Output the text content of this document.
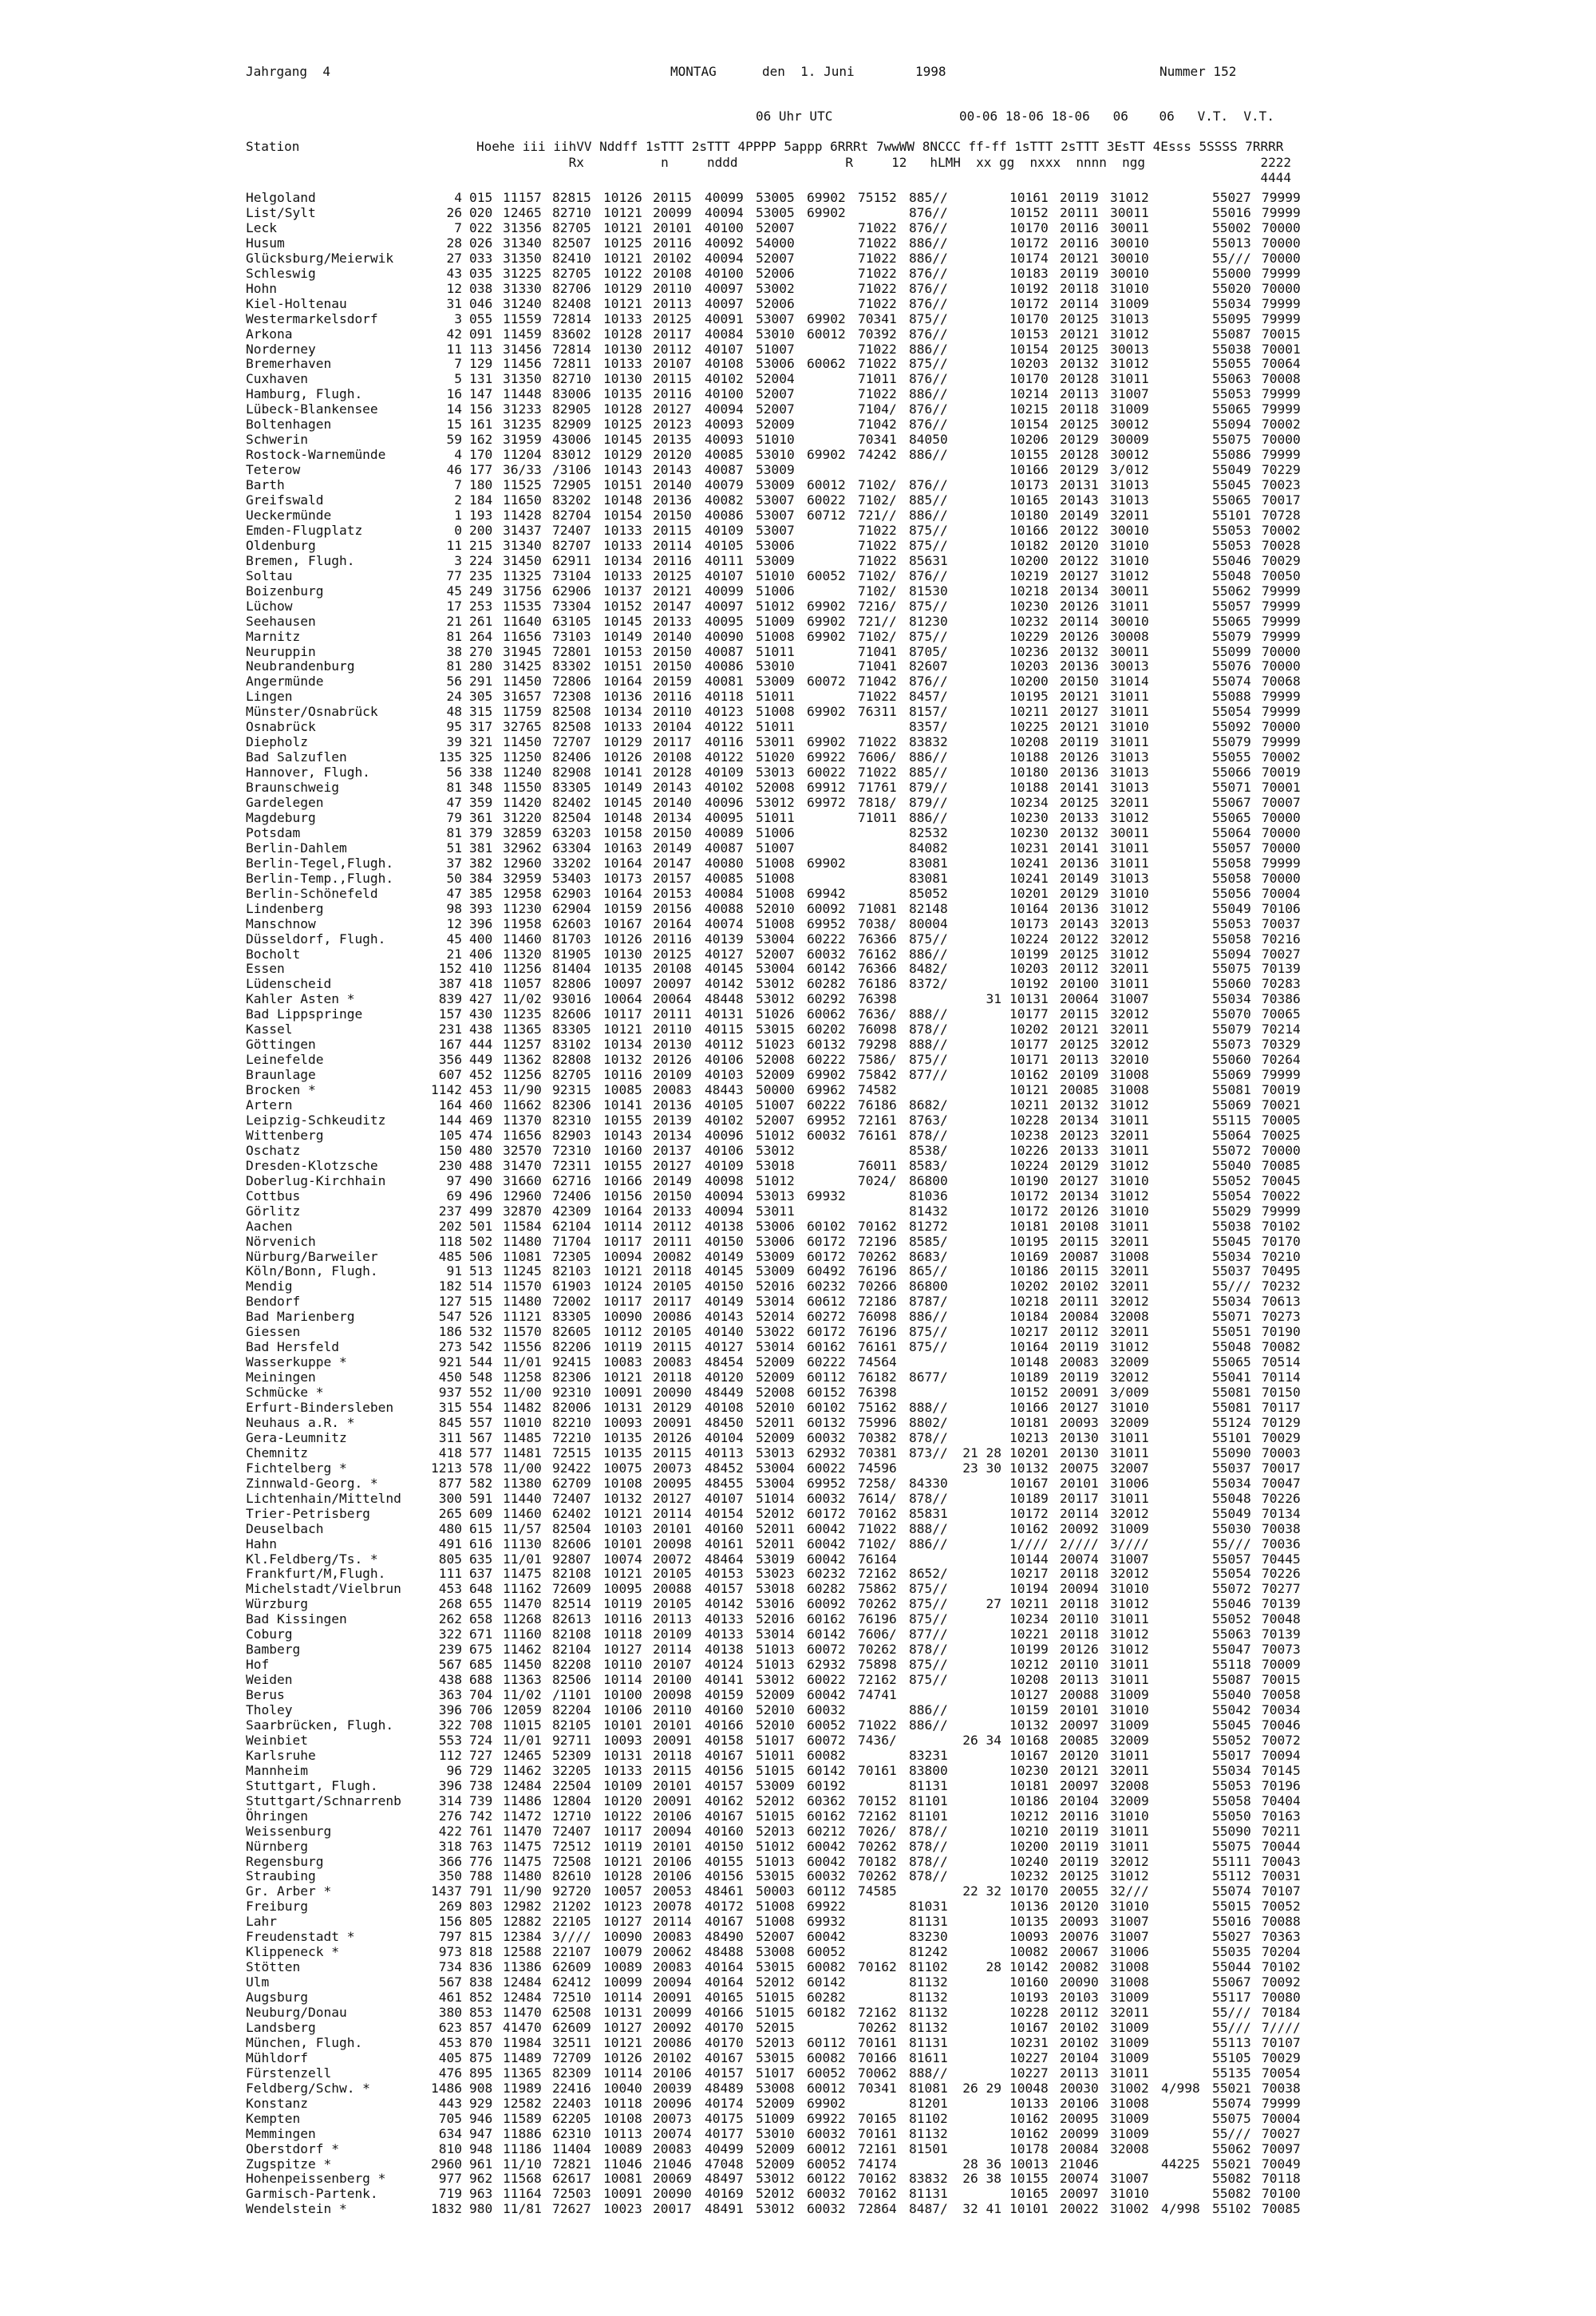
Jahrgang  4	MONTAG	den  1. Juni	1998	Nummer 152
06 Uhr UTC	00-06 18-06 18-06   06    06   V.T.  V.T.
Station                       Hoehe iii iihVV Nddff 1sTTT 2sTTT 4PPPP 5appp 6RRRt 7wwWW 8NCCC ff-ff 1sTTT 2sTTT 3EsTT 4Esss 5SSSS 7RRRR
Rx          n     nddd              R     12   hLMH  xx gg  nxxx  nnnn  ngg               2222
4444
Helgoland	4 015 11157 82815 10126 20115 40099 53005 69902 75152 885//	10161 20119 31012	55027 79999
List/Sylt	26 020 12465 82710 10121 20099 40094 53005 69902	876//	10152 20111 30011	55016 79999
Leck	7 022 31356 82705 10121 20101 40100 52007	71022 876//	10170 20116 30011	55002 70000
Husum	28 026 31340 82507 10125 20116 40092 54000	71022 886//	10172 20116 30010	55013 70000
Glücksburg/Meierwik	27 033 31350 82410 10121 20102 40094 52007	71022 886//	10174 20121 30010	55/// 70000
Schleswig	43 035 31225 82705 10122 20108 40100 52006	71022 876//	10183 20119 30010	55000 79999
Hohn	12 038 31330 82706 10129 20110 40097 53002	71022 876//	10192 20118 31010	55020 70000
Kiel-Holtenau	31 046 31240 82408 10121 20113 40097 52006	71022 876//	10172 20114 31009	55034 79999
Westermarkelsdorf	3 055 11559 72814 10133 20125 40091 53007 69902 70341 875//	10170 20125 31013	55095 79999
Arkona	42 091 11459 83602 10128 20117 40084 53010 60012 70392 876//	10153 20121 31012	55087 70015
Norderney	11 113 31456 72814 10130 20112 40107 51007	71022 886//	10154 20125 30013	55038 70001
Bremerhaven	7 129 11456 72811 10133 20107 40108 53006 60062 71022 875//	10203 20132 31012	55055 70064
Cuxhaven	5 131 31350 82710 10130 20115 40102 52004	71011 876//	10170 20128 31011	55063 70008
Hamburg, Flugh.	16 147 11448 83006 10135 20116 40100 52007	71022 886//	10214 20113 31007	55053 79999
Lübeck-Blankensee	14 156 31233 82905 10128 20127 40094 52007	7104/ 876//	10215 20118 31009	55065 79999
Boltenhagen	15 161 31235 82909 10125 20123 40093 52009	71042 876//	10154 20125 30012	55094 70002
Schwerin	59 162 31959 43006 10145 20135 40093 51010	70341 84050	10206 20129 30009	55075 70000
Rostock-Warnemünde	4 170 11204 83012 10129 20120 40085 53010 69902 74242 886//	10155 20128 30012	55086 79999
Teterow	46 177 36/33 /3106 10143 20143 40087 53009	10166 20129 3/012	55049 70229
Barth	7 180 11525 72905 10151 20140 40079 53009 60012 7102/ 876//	10173 20131 31013	55045 70023
Greifswald	2 184 11650 83202 10148 20136 40082 53007 60022 7102/ 885//	10165 20143 31013	55065 70017
Ueckermünde	1 193 11428 82704 10154 20150 40086 53007 60712 721// 886//	10180 20149 32011	55101 70728
Emden-Flugplatz	0 200 31437 72407 10133 20115 40109 53007	71022 875//	10166 20122 30010	55053 70002
Oldenburg	11 215 31340 82707 10133 20114 40105 53006	71022 875//	10182 20120 31010	55053 70028
Bremen, Flugh.	3 224 31450 62911 10134 20116 40111 53009	71022 85631	10200 20122 31010	55046 70029
Soltau	77 235 11325 73104 10133 20125 40107 51010 60052 7102/ 876//	10219 20127 31012	55048 70050
Boizenburg	45 249 31756 62906 10137 20121 40099 51006	7102/ 81530	10218 20134 30011	55062 79999
Lüchow	17 253 11535 73304 10152 20147 40097 51012 69902 7216/ 875//	10230 20126 31011	55057 79999
Seehausen	21 261 11640 63105 10145 20133 40095 51009 69902 721// 81230	10232 20114 30010	55065 79999
Marnitz	81 264 11656 73103 10149 20140 40090 51008 69902 7102/ 875//	10229 20126 30008	55079 79999
Neuruppin	38 270 31945 72801 10153 20150 40087 51011	71041 8705/	10236 20132 30011	55099 70000
Neubrandenburg	81 280 31425 83302 10151 20150 40086 53010	71041 82607	10203 20136 30013	55076 70000
Angermünde	56 291 11450 72806 10164 20159 40081 53009 60072 71042 876//	10200 20150 31014	55074 70068
Lingen	24 305 31657 72308 10136 20116 40118 51011	71022 8457/	10195 20121 31011	55088 79999
Münster/Osnabrück	48 315 11759 82508 10134 20110 40123 51008 69902 76311 8157/	10211 20127 31011	55054 79999
Osnabrück	95 317 32765 82508 10133 20104 40122 51011	8357/	10225 20121 31010	55092 70000
Diepholz	39 321 11450 72707 10129 20117 40116 53011 69902 71022 83832	10208 20119 31011	55079 79999
Bad Salzuflen	135 325 11250 82406 10126 20108 40122 51020 69922 7606/ 886//	10188 20126 31013	55055 70002
Hannover, Flugh.	56 338 11240 82908 10141 20128 40109 53013 60022 71022 885//	10180 20136 31013	55066 70019
Braunschweig	81 348 11550 83305 10149 20143 40102 52008 69912 71761 879//	10188 20141 31013	55071 70001
Gardelegen	47 359 11420 82402 10145 20140 40096 53012 69972 7818/ 879//	10234 20125 32011	55067 70007
Magdeburg	79 361 31220 82504 10148 20134 40095 51011	71011 886//	10230 20133 31012	55065 70000
Potsdam	81 379 32859 63203 10158 20150 40089 51006	82532	10230 20132 30011	55064 70000
Berlin-Dahlem	51 381 32962 63304 10163 20149 40087 51007	84082	10231 20141 31011	55057 70000
Berlin-Tegel,Flugh.	37 382 12960 33202 10164 20147 40080 51008 69902	83081	10241 20136 31011	55058 79999
Berlin-Temp.,Flugh.	50 384 32959 53403 10173 20157 40085 51008	83081	10241 20149 31013	55058 70000
Berlin-Schönefeld	47 385 12958 62903 10164 20153 40084 51008 69942	85052	10201 20129 31010	55056 70004
Lindenberg	98 393 11230 62904 10159 20156 40088 52010 60092 71081 82148	10164 20136 31012	55049 70106
Manschnow	12 396 11958 62603 10167 20164 40074 51008 69952 7038/ 80004	10173 20143 32013	55053 70037
Düsseldorf, Flugh.	45 400 11460 81703 10126 20116 40139 53004 60222 76366 875//	10224 20122 32012	55058 70216
Bocholt	21 406 11320 81905 10130 20125 40127 52007 60032 76162 886//	10199 20125 31012	55094 70027
Essen	152 410 11256 81404 10135 20108 40145 53004 60142 76366 8482/	10203 20112 32011	55075 70139
Lüdenscheid	387 418 11057 82806 10097 20097 40142 53012 60282 76186 8372/	10192 20100 31011	55060 70283
Kahler Asten *	839 427 11/02 93016 10064 20064 48448 53012 60292 76398	31 10131 20064 31007	55034 70386
Bad Lippspringe	157 430 11235 82606 10117 20111 40131 51026 60062 7636/ 888//	10177 20115 32012	55070 70065
Kassel	231 438 11365 83305 10121 20110 40115 53015 60202 76098 878//	10202 20121 32011	55079 70214
Göttingen	167 444 11257 83102 10134 20130 40112 51023 60132 79298 888//	10177 20125 32012	55073 70329
Leinefelde	356 449 11362 82808 10132 20126 40106 52008 60222 7586/ 875//	10171 20113 32010	55060 70264
Braunlage	607 452 11256 82705 10116 20109 40103 52009 69902 75842 877//	10162 20109 31008	55069 79999
Brocken *	1142 453 11/90 92315 10085 20083 48443 50000 69962 74582	10121 20085 31008	55081 70019
Artern	164 460 11662 82306 10141 20136 40105 51007 60222 76186 8682/	10211 20132 31012	55069 70021
Leipzig-Schkeuditz	144 469 11370 82310 10155 20139 40102 52007 69952 72161 8763/	10228 20134 31011	55115 70005
Wittenberg	105 474 11656 82903 10143 20134 40096 51012 60032 76161 878//	10238 20123 32011	55064 70025
Oschatz	150 480 32570 72310 10160 20137 40106 53012	8538/	10226 20133 31011	55072 70000
Dresden-Klotzsche	230 488 31470 72311 10155 20127 40109 53018	76011 8583/	10224 20129 31012	55040 70085
Doberlug-Kirchhain	97 490 31660 62716 10166 20149 40098 51012	7024/ 86800	10190 20127 31010	55052 70045
Cottbus	69 496 12960 72406 10156 20150 40094 53013 69932	81036	10172 20134 31012	55054 70022
Görlitz	237 499 32870 42309 10164 20133 40094 53011	81432	10172 20126 31010	55029 79999
Aachen	202 501 11584 62104 10114 20112 40138 53006 60102 70162 81272	10181 20108 31011	55038 70102
Nörvenich	118 502 11480 71704 10117 20111 40150 53006 60172 72196 8585/	10195 20115 32011	55045 70170
Nürburg/Barweiler	485 506 11081 72305 10094 20082 40149 53009 60172 70262 8683/	10169 20087 31008	55034 70210
Köln/Bonn, Flugh.	91 513 11245 82103 10121 20118 40145 53009 60492 76196 865//	10186 20115 32011	55037 70495
Mendig	182 514 11570 61903 10124 20105 40150 52016 60232 70266 86800	10202 20102 32011	55/// 70232
Bendorf	127 515 11480 72002 10117 20117 40149 53014 60612 72186 8787/	10218 20111 32012	55034 70613
Bad Marienberg	547 526 11121 83305 10090 20086 40143 52014 60272 76098 886//	10184 20084 32008	55071 70273
Giessen	186 532 11570 82605 10112 20105 40140 53022 60172 76196 875//	10217 20112 32011	55051 70190
Bad Hersfeld	273 542 11556 82206 10119 20115 40127 53014 60162 76161 875//	10164 20119 31012	55048 70082
Wasserkuppe *	921 544 11/01 92415 10083 20083 48454 52009 60222 74564	10148 20083 32009	55065 70514
Meiningen	450 548 11258 82306 10121 20118 40120 52009 60112 76182 8677/	10189 20119 32012	55041 70114
Schmücke *	937 552 11/00 92310 10091 20090 48449 52008 60152 76398	10152 20091 3/009	55081 70150
Erfurt-Bindersleben	315 554 11482 82006 10131 20129 40108 52010 60102 75162 888//	10166 20127 31010	55081 70117
Neuhaus a.R. *	845 557 11010 82210 10093 20091 48450 52011 60132 75996 8802/	10181 20093 32009	55124 70129
Gera-Leumnitz	311 567 11485 72210 10135 20126 40104 52009 60032 70382 878//	10213 20130 31011	55101 70029
Chemnitz	418 577 11481 72515 10135 20115 40113 53013 62932 70381 873// 21 28 10201 20130 31011	55090 70003
Fichtelberg *	1213 578 11/00 92422 10075 20073 48452 53004 60022 74596	23 30 10132 20075 32007	55037 70017
Zinnwald-Georg. *	877 582 11380 62709 10108 20095 48455 53004 69952 7258/ 84330	10167 20101 31006	55034 70047
Lichtenhain/Mittelnd	300 591 11440 72407 10132 20127 40107 51014 60032 7614/ 878//	10189 20117 31011	55048 70226
Trier-Petrisberg	265 609 11460 62402 10121 20114 40154 52012 60172 70162 85831	10172 20114 32012	55049 70134
Deuselbach	480 615 11/57 82504 10103 20101 40160 52011 60042 71022 888//	10162 20092 31009	55030 70038
Hahn	491 616 11130 82606 10101 20098 40161 52011 60042 7102/ 886//	1//// 2//// 3////	55/// 70036
Kl.Feldberg/Ts. *	805 635 11/01 92807 10074 20072 48464 53019 60042 76164	10144 20074 31007	55057 70445
Frankfurt/M,Flugh.	111 637 11475 82108 10121 20105 40153 53023 60232 72162 8652/	10217 20118 32012	55054 70226
Michelstadt/Vielbrun	453 648 11162 72609 10095 20088 40157 53018 60282 75862 875//	10194 20094 31010	55072 70277
Würzburg	268 655 11470 82514 10119 20105 40142 53016 60092 70262 875//	27 10211 20118 31012	55046 70139
Bad Kissingen	262 658 11268 82613 10116 20113 40133 52016 60162 76196 875//	10234 20110 31011	55052 70048
Coburg	322 671 11160 82108 10118 20109 40133 53014 60142 7606/ 877//	10221 20118 31012	55063 70139
Bamberg	239 675 11462 82104 10127 20114 40138 51013 60072 70262 878//	10199 20126 31012	55047 70073
Hof	567 685 11450 82208 10110 20107 40124 51013 62932 75898 875//	10212 20110 31011	55118 70009
Weiden	438 688 11363 82506 10114 20100 40141 53012 60022 72162 875//	10208 20113 31011	55087 70015
Berus	363 704 11/02 /1101 10100 20098 40159 52009 60042 74741	10127 20088 31009	55040 70058
Tholey	396 706 12059 82204 10106 20110 40160 52010 60032	886//	10159 20101 31010	55042 70034
Saarbrücken, Flugh.	322 708 11015 82105 10101 20101 40166 52010 60052 71022 886//	10132 20097 31009	55045 70046
Weinbiet	553 724 11/01 92711 10093 20091 40158 51017 60072 7436/	26 34 10168 20085 32009	55052 70072
Karlsruhe	112 727 12465 52309 10131 20118 40167 51011 60082	83231	10167 20120 31011	55017 70094
Mannheim	96 729 11462 32205 10133 20115 40156 51015 60142 70161 83800	10230 20121 32011	55034 70145
Stuttgart, Flugh.	396 738 12484 22504 10109 20101 40157 53009 60192	81131	10181 20097 32008	55053 70196
Stuttgart/Schnarrenb	314 739 11486 12804 10120 20091 40162 52012 60362 70152 81101	10186 20104 32009	55058 70404
Öhringen	276 742 11472 12710 10122 20106 40167 51015 60162 72162 81101	10212 20116 31010	55050 70163
Weissenburg	422 761 11470 72407 10117 20094 40160 52013 60212 7026/ 878//	10210 20119 31011	55090 70211
Nürnberg	318 763 11475 72512 10119 20101 40150 51012 60042 70262 878//	10200 20119 31011	55075 70044
Regensburg	366 776 11475 72508 10121 20106 40155 51013 60042 70182 878//	10240 20119 32012	55111 70043
Straubing	350 788 11480 82610 10128 20106 40156 53015 60032 70262 878//	10232 20125 31012	55112 70031
Gr. Arber *	1437 791 11/90 92720 10057 20053 48461 50003 60112 74585	22 32 10170 20055 32///	55074 70107
Freiburg	269 803 12982 21202 10123 20078 40172 51008 69922	81031	10136 20120 31010	55015 70052
Lahr	156 805 12882 22105 10127 20114 40167 51008 69932	81131	10135 20093 31007	55016 70088
Freudenstadt *	797 815 12384 3//// 10090 20083 48490 52007 60042	83230	10093 20076 31007	55027 70363
Klippeneck *	973 818 12588 22107 10079 20062 48488 53008 60052	81242	10082 20067 31006	55035 70204
Stötten	734 836 11386 62609 10089 20083 40164 53015 60082 70162 81102	28 10142 20082 31008	55044 70102
Ulm	567 838 12484 62412 10099 20094 40164 52012 60142	81132	10160 20090 31008	55067 70092
Augsburg	461 852 12484 72510 10114 20091 40165 51015 60282	81132	10193 20103 31009	55117 70080
Neuburg/Donau	380 853 11470 62508 10131 20099 40166 51015 60182 72162 81132	10228 20112 32011	55/// 70184
Landsberg	623 857 41470 62609 10127 20092 40170 52015	70262 81132	10167 20102 31009	55/// 7////
München, Flugh.	453 870 11984 32511 10121 20086 40170 52013 60112 70161 81131	10231 20102 31009	55113 70107
Mühldorf	405 875 11489 72709 10126 20102 40167 53015 60082 70166 81611	10227 20104 31009	55105 70029
Fürstenzell	476 895 11365 82309 10114 20106 40157 51017 60052 70062 888//	10227 20113 31011	55135 70054
Feldberg/Schw. *	1486 908 11989 22416 10040 20039 48489 53008 60012 70341 81081 26 29 10048 20030 31002 4/998 55021 70038
Konstanz	443 929 12582 22403 10118 20096 40174 52009 69902	81201	10133 20106 31008	55074 79999
Kempten	705 946 11589 62205 10108 20073 40175 51009 69922 70165 81102	10162 20095 31009	55075 70004
Memmingen	634 947 11886 62310 10113 20074 40177 53010 60032 70161 81132	10162 20099 31009	55/// 70027
Oberstdorf *	810 948 11186 11404 10089 20083 40499 52009 60012 72161 81501	10178 20084 32008	55062 70097
Zugspitze *	2960 961 11/10 72821 11046 21046 47048 52009 60052 74174	28 36 10013 21046	44225 55021 70049
Hohenpeissenberg *	977 962 11568 62617 10081 20069 48497 53012 60122 70162 83832 26 38 10155 20074 31007	55082 70118
Garmisch-Partenk.	719 963 11164 72503 10091 20090 40169 52012 60032 70162 81131	10165 20097 31010	55082 70100
Wendelstein *	1832 980 11/81 72627 10023 20017 48491 53012 60032 72864 8487/ 32 41 10101 20022 31002 4/998 55102 70085
